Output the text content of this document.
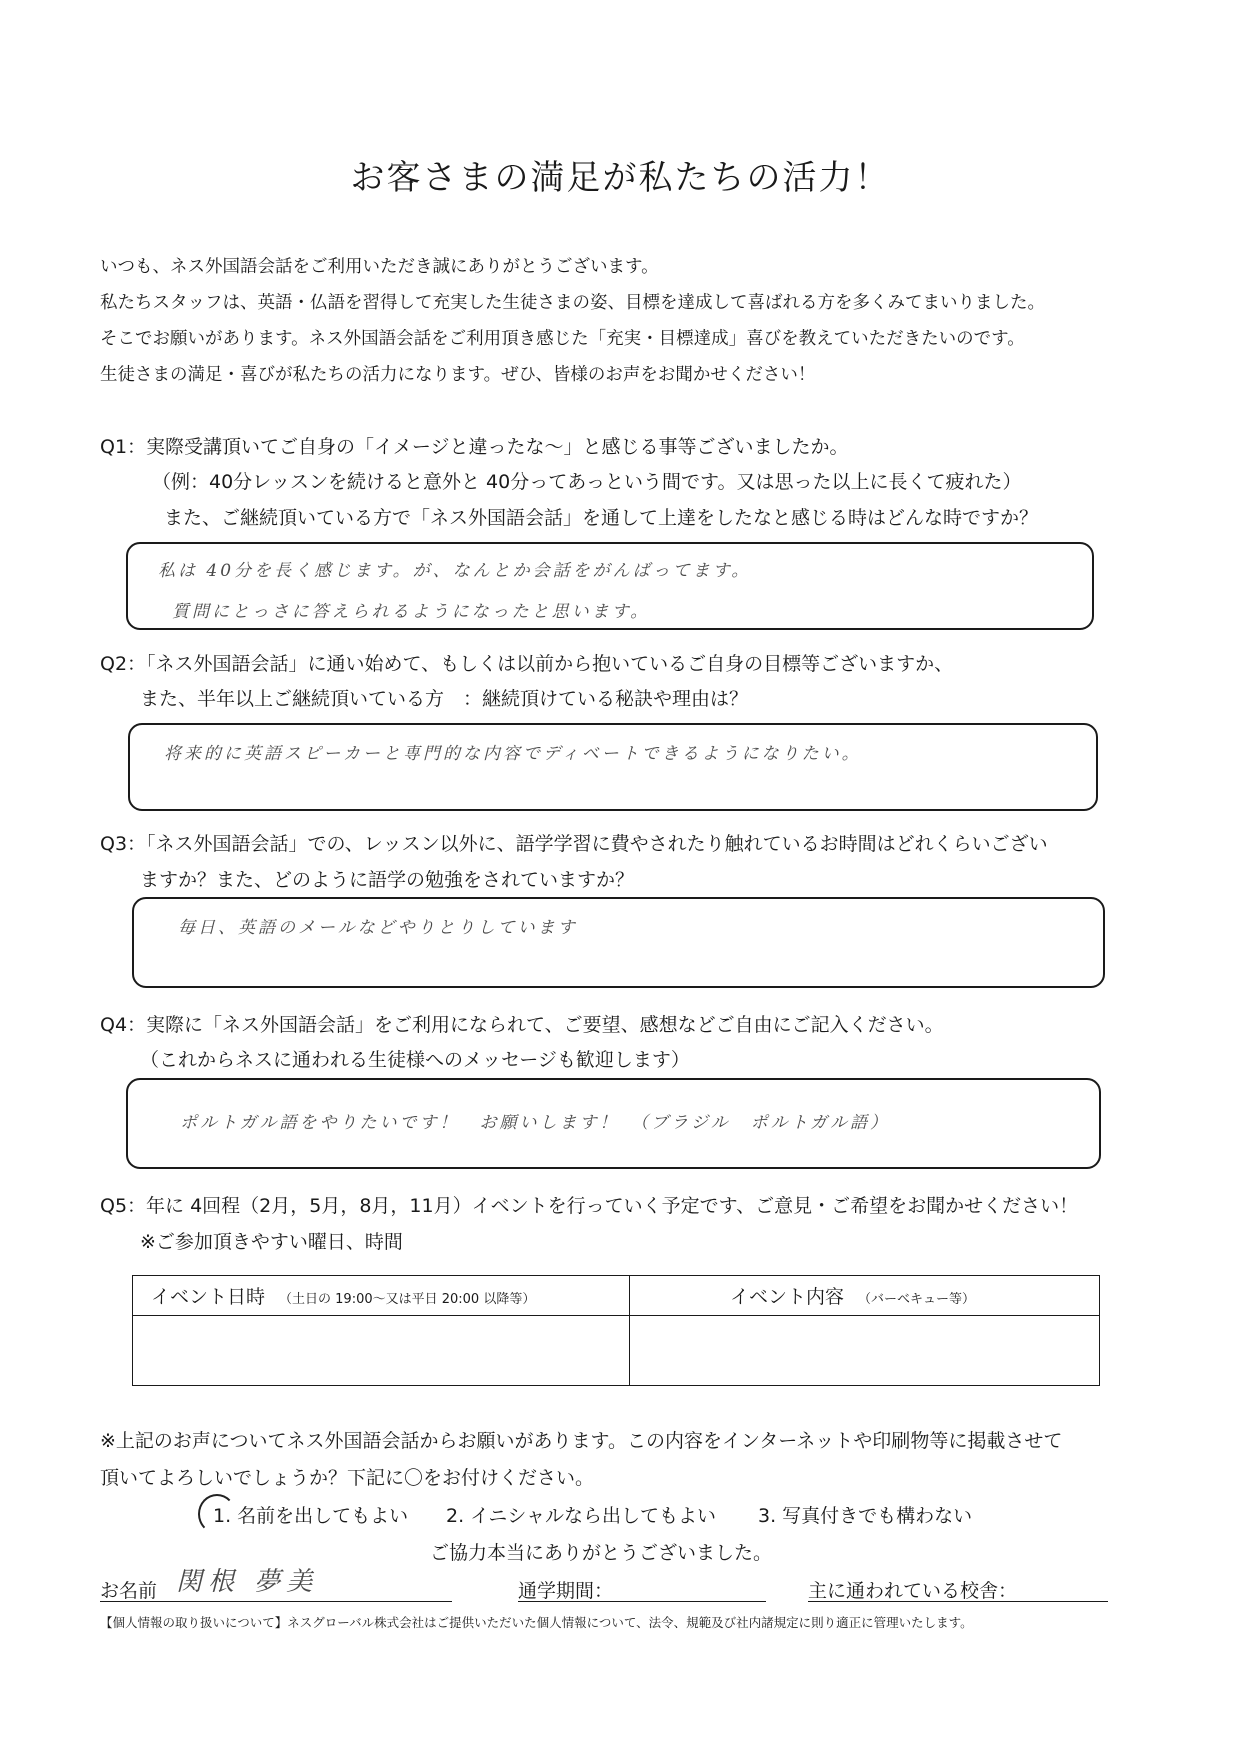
お客さまの満足が私たちの活力！
いつも、ネス外国語会話をご利用いただき誠にありがとうございます。
私たちスタッフは、英語・仏語を習得して充実した生徒さまの姿、目標を達成して喜ばれる方を多くみてまいりました。
そこでお願いがあります。ネス外国語会話をご利用頂き感じた「充実・目標達成」喜びを教えていただきたいのです。
生徒さまの満足・喜びが私たちの活力になります。ぜひ、皆様のお声をお聞かせください！
Q1：実際受講頂いてご自身の「イメージと違ったな～」と感じる事等ございましたか。
（例：40分レッスンを続けると意外と 40分ってあっという間です。又は思った以上に長くて疲れた）
また、ご継続頂いている方で「ネス外国語会話」を通して上達をしたなと感じる時はどんな時ですか？
私は 40分を長く感じます。が、なんとか会話をがんばってます。
質問にとっさに答えられるようになったと思います。
Q2：「ネス外国語会話」に通い始めて、もしくは以前から抱いているご自身の目標等ございますか、
また、半年以上ご継続頂いている方　：継続頂けている秘訣や理由は？
将来的に英語スピーカーと専門的な内容でディベートできるようになりたい。
Q3：「ネス外国語会話」での、レッスン以外に、語学学習に費やされたり触れているお時間はどれくらいござい
ますか？また、どのように語学の勉強をされていますか？
毎日、英語のメールなどやりとりしています
Q4：実際に「ネス外国語会話」をご利用になられて、ご要望、感想などご自由にご記入ください。
（これからネスに通われる生徒様へのメッセージも歓迎します）
ポルトガル語をやりたいです！　お願いします！　（ブラジル　ポルトガル語）
Q5：年に 4回程（2月，5月，8月，11月）イベントを行っていく予定です、ご意見・ご希望をお聞かせください！
※ご参加頂きやすい曜日、時間
イベント日時 （土日の 19:00～又は平日 20:00 以降等）	イベント内容 （バーベキュー等）

※上記のお声についてネス外国語会話からお願いがあります。この内容をインターネットや印刷物等に掲載させて
頂いてよろしいでしょうか？下記に〇をお付けください。
1. 名前を出してもよい 2. イニシャルなら出してもよい 3. 写真付きでも構わない
ご協力本当にありがとうございました。
お名前 関根 夢美	通学期間：	主に通われている校舎：
【個人情報の取り扱いについて】ネスグローバル株式会社はご提供いただいた個人情報について、法令、規範及び社内諸規定に則り適正に管理いたします。
